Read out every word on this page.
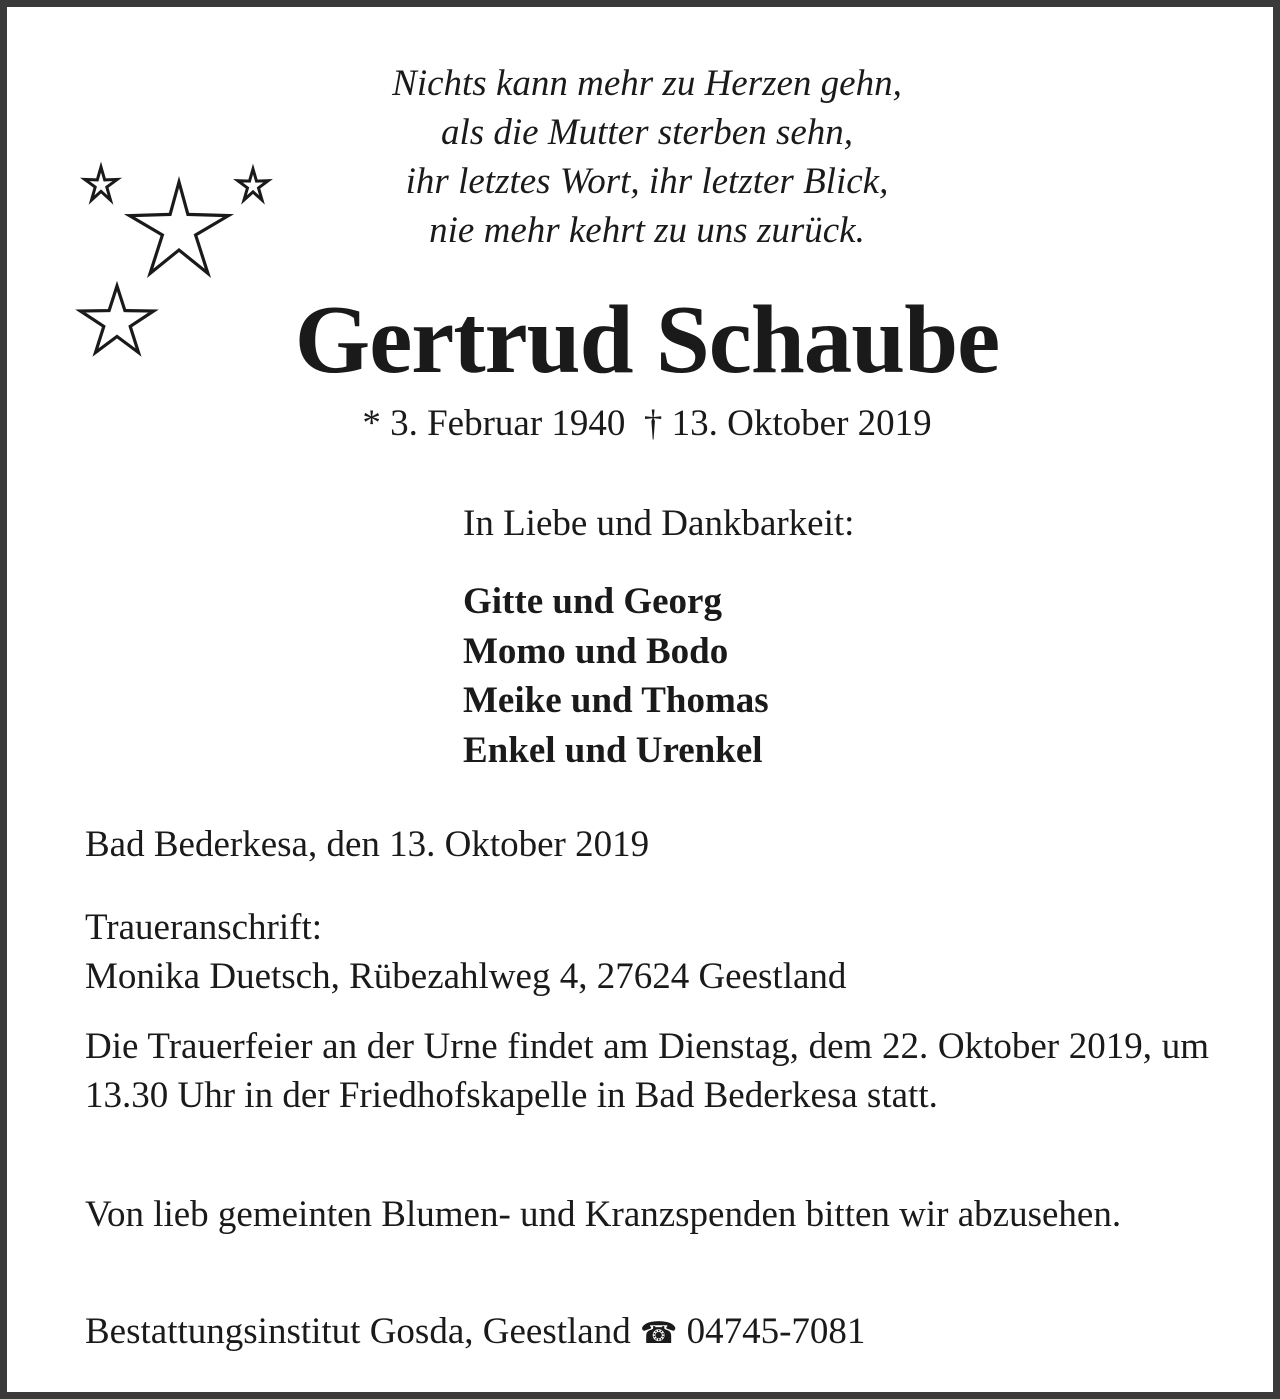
Nichts kann mehr zu Herzen gehn,
als die Mutter sterben sehn,
ihr letztes Wort, ihr letzter Blick,
nie mehr kehrt zu uns zurück.
Gertrud Schaube
* 3. Februar 1940  † 13. Oktober 2019
In Liebe und Dankbarkeit:
Gitte und Georg
Momo und Bodo
Meike und Thomas
Enkel und Urenkel
Bad Bederkesa, den 13. Oktober 2019
Traueranschrift:
Monika Duetsch, Rübezahlweg 4, 27624 Geestland
Die Trauerfeier an der Urne findet am Dienstag, dem 22. Oktober 2019, um 13.30 Uhr in der Friedhofskapelle in Bad Bederkesa statt.
Von lieb gemeinten Blumen- und Kranzspenden bitten wir abzusehen.
Bestattungsinstitut Gosda, Geestland ☎ 04745-7081
